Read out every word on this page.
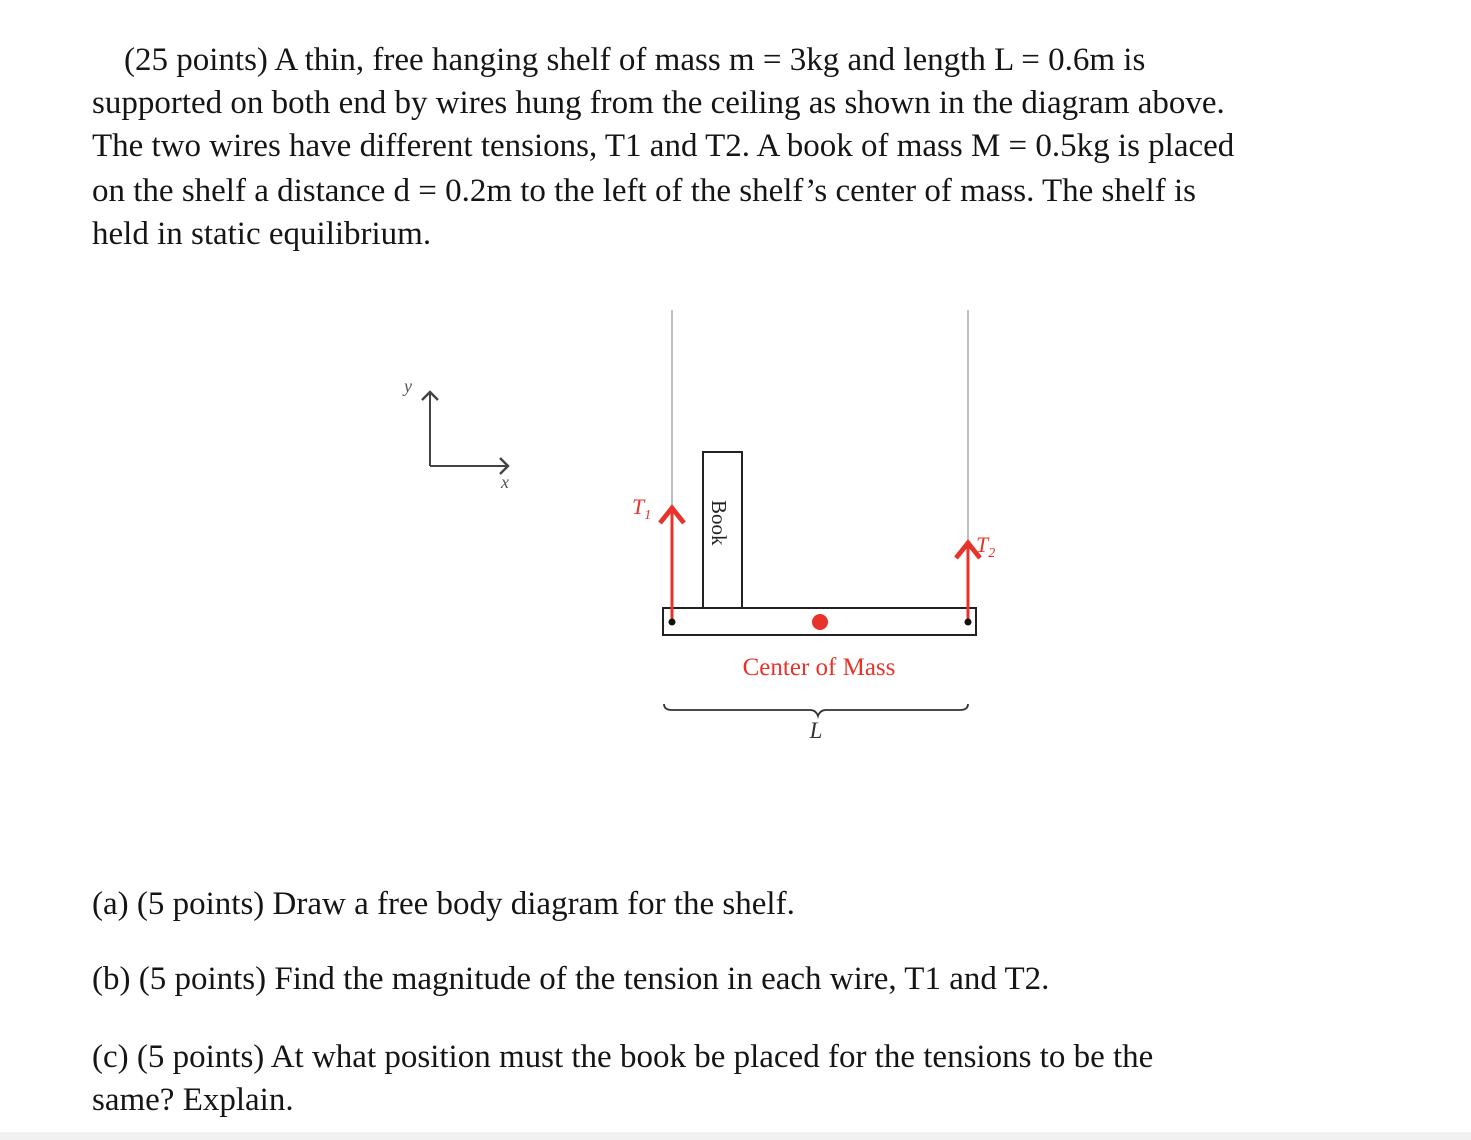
(25 points) A thin, free hanging shelf of mass m = 3kg and length L = 0.6m is
supported on both end by wires hung from the ceiling as shown in the diagram above.
The two wires have different tensions, T1 and T2. A book of mass M = 0.5kg is placed
on the shelf a distance d = 0.2m to the left of the shelf’s center of mass. The shelf is
held in static equilibrium.
y
x
Book
$T_1$
$T_2$
Center of Mass
L
(a) (5 points) Draw a free body diagram for the shelf.
(b) (5 points) Find the magnitude of the tension in each wire, T1 and T2.
(c) (5 points) At what position must the book be placed for the tensions to be the
same? Explain.
